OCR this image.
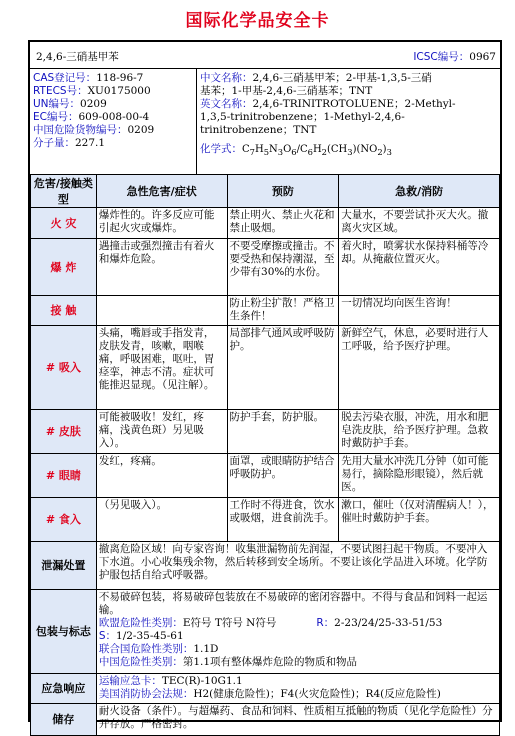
国际化学品安全卡
2,4,6-三硝基甲苯	ICSC编号：0967
CAS登记号：118-96-7
RTECS号：XU0175000
UN编号：0209
EC编号：609-008-00-4
中国危险货物编号：0209
分子量：227.1
中文名称：2,4,6-三硝基甲苯；2-甲基-1,3,5-三硝
基苯；1-甲基-2,4,6-三硝基苯；TNT
英文名称：2,4,6-TRINITROTOLUENE；2-Methyl-
1,3,5-trinitrobenzene；1-Methyl-2,4,6-
trinitrobenzene；TNT
化学式：$C_7H_5N_3O_6/C_6H_2(CH_3)(NO_2)_3$
危害/接触类型	急性危害/症状	预防	急救/消防
火 灾	爆炸性的。许多反应可能引起火灾或爆炸。	禁止明火、禁止火花和禁止吸烟。	大量水，不要尝试扑灭大火。撤离火灾区域。
爆 炸	遇撞击或强烈撞击有着火和爆炸危险。	不要受摩擦或撞击。不要受热和保持潮湿，至少带有30%的水份。	着火时，喷雾状水保持料桶等冷却。从掩蔽位置灭火。
接 触		防止粉尘扩散！严格卫生条件！	一切情况均向医生咨询！
# 吸入	头痛，嘴唇或手指发青，皮肤发青，咳嗽，咽喉痛，呼吸困难，呕吐，胃痉挛，神志不清。症状可能推迟显现。（见注解）。	局部排气通风或呼吸防护。	新鲜空气，休息，必要时进行人工呼吸，给予医疗护理。
# 皮肤	可能被吸收！发红，疼痛，浅黄色斑）另见吸入）。	防护手套，防护服。	脱去污染衣服，冲洗，用水和肥皂洗皮肤，给予医疗护理。急救时戴防护手套。
# 眼睛	发红，疼痛。	面罩，或眼睛防护结合呼吸防护。	先用大量水冲洗几分钟（如可能易行，摘除隐形眼镜），然后就医。
# 食入	（另见吸入）。	工作时不得进食，饮水或吸烟，进食前洗手。	漱口，催吐（仅对清醒病人！），催吐时戴防护手套。
泄漏处置	撤离危险区域！向专家咨询！收集泄漏物前先润湿，不要试图扫起干物质。不要冲入下水道。小心收集残余物，然后转移到安全场所。不要让该化学品进入环境。化学防护服包括自给式呼吸器。		
包装与标志	不易破碎包装，将易破碎包装放在不易破碎的密闭容器中。不得与食品和饲料一起运输。
欧盟危险性类别：E符号 T符号 N符号 R：2-23/24/25-33-51/53
S：1/2-35-45-61
联合国危险性类别：1.1D
中国危险性类别：第1.1项有整体爆炸危险的物质和物品		

应急响应	运输应急卡：TEC(R)-10G1.1
美国消防协会法规：H2(健康危险性)；F4(火灾危险性)；R4(反应危险性)		

储存	耐火设备（条件）。与超爆药、食品和饲料、性质相互抵触的物质（见化学危险性）分开存放。严格密封。		
